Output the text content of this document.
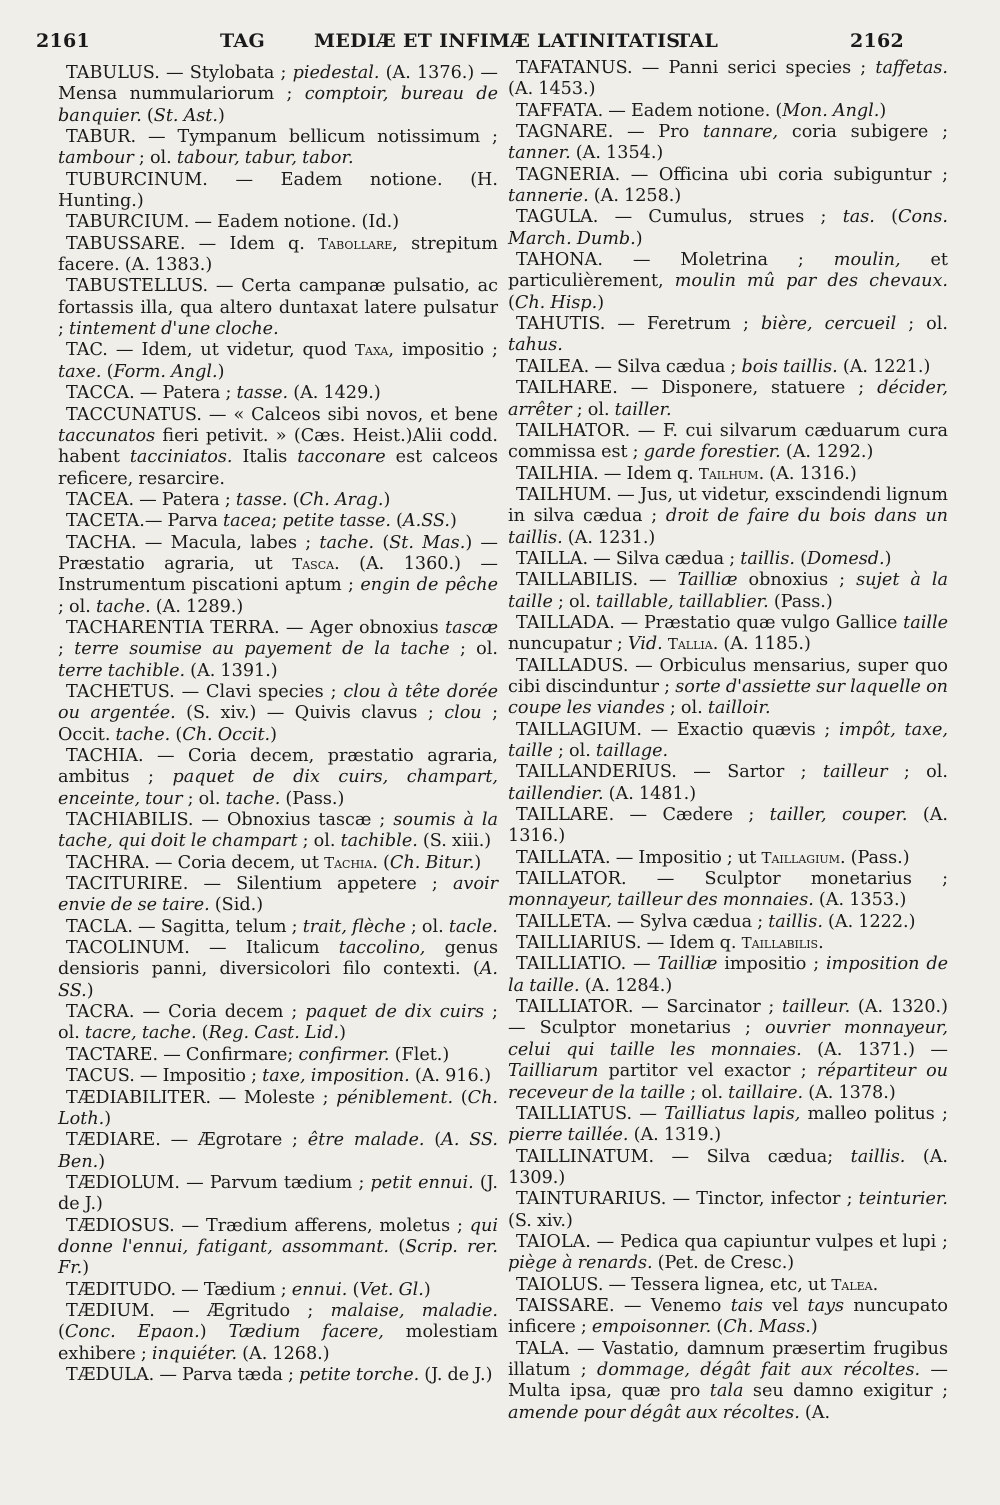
2161	TAG	MEDIÆ ET INFIMÆ LATINITATIS.
TAL	2162

TABULUS. — Stylobata ; piedestal. (A. 1376.) — Mensa nummulariorum ; comptoir, bureau de banquier. (St. Ast.)

TABUR. — Tympanum bellicum notissimum ; tambour ; ol. tabour, tabur, tabor.

TUBURCINUM. — Eadem notione. (H. Hunting.)

TABURCIUM. — Eadem notione. (Id.)

TABUSSARE. — Idem q. Tabollare, strepitum facere. (A. 1383.)

TABUSTELLUS. — Certa campanæ pulsatio, ac fortassis illa, qua altero duntaxat latere pulsatur ; tintement d'une cloche.

TAC. — Idem, ut videtur, quod Taxa, impositio ; taxe. (Form. Angl.)

TACCA. — Patera ; tasse. (A. 1429.)

TACCUNATUS. — « Calceos sibi novos, et bene taccunatos fieri petivit. » (Cæs. Heist.)Alii codd. habent tacciniatos. Italis tacconare est calceos reficere, resarcire.

TACEA. — Patera ; tasse. (Ch. Arag.)

TACETA.— Parva tacea; petite tasse. (A.SS.)

TACHA. — Macula, labes ; tache. (St. Mas.) — Præstatio agraria, ut Tasca. (A. 1360.) — Instrumentum piscationi aptum ; engin de pêche ; ol. tache. (A. 1289.)

TACHARENTIA TERRA. — Ager obnoxius tascæ ; terre soumise au payement de la tache ; ol. terre tachible. (A. 1391.)

TACHETUS. — Clavi species ; clou à tête dorée ou argentée. (S. xiv.) — Quivis clavus ; clou ; Occit. tache. (Ch. Occit.)

TACHIA. — Coria decem, præstatio agraria, ambitus ; paquet de dix cuirs, champart, enceinte, tour ; ol. tache. (Pass.)

TACHIABILIS. — Obnoxius tascæ ; soumis à la tache, qui doit le champart ; ol. tachible. (S. xiii.)

TACHRA. — Coria decem, ut Tachia. (Ch. Bitur.)

TACITURIRE. — Silentium appetere ; avoir envie de se taire. (Sid.)

TACLA. — Sagitta, telum ; trait, flèche ; ol. tacle.

TACOLINUM. — Italicum taccolino, genus densioris panni, diversicolori filo contexti. (A. SS.)

TACRA. — Coria decem ; paquet de dix cuirs ; ol. tacre, tache. (Reg. Cast. Lid.)

TACTARE. — Confirmare; confirmer. (Flet.)

TACUS. — Impositio ; taxe, imposition. (A. 916.)

TÆDIABILITER. — Moleste ; péniblement. (Ch. Loth.)

TÆDIARE. — Ægrotare ; être malade. (A. SS. Ben.)

TÆDIOLUM. — Parvum tædium ; petit ennui. (J. de J.)

TÆDIOSUS. — Trædium afferens, moletus ; qui donne l'ennui, fatigant, assommant. (Scrip. rer. Fr.)

TÆDITUDO. — Tædium ; ennui. (Vet. Gl.)

TÆDIUM. — Ægritudo ; malaise, maladie. (Conc. Epaon.) Tædium facere, molestiam exhibere ; inquiéter. (A. 1268.)

TÆDULA. — Parva tæda ; petite torche. (J. de J.)

TAFATANUS. — Panni serici species ; taffetas. (A. 1453.)

TAFFATA. — Eadem notione. (Mon. Angl.)

TAGNARE. — Pro tannare, coria subigere ; tanner. (A. 1354.)

TAGNERIA. — Officina ubi coria subiguntur ; tannerie. (A. 1258.)

TAGULA. — Cumulus, strues ; tas. (Cons. March. Dumb.)

TAHONA. — Moletrina ; moulin, et particulièrement, moulin mû par des chevaux. (Ch. Hisp.)

TAHUTIS. — Feretrum ; bière, cercueil ; ol. tahus.

TAILEA. — Silva cædua ; bois taillis. (A. 1221.)

TAILHARE. — Disponere, statuere ; décider, arrêter ; ol. tailler.

TAILHATOR. — F. cui silvarum cæduarum cura commissa est ; garde forestier. (A. 1292.)

TAILHIA. — Idem q. Tailhum. (A. 1316.)

TAILHUM. — Jus, ut videtur, exscindendi lignum in silva cædua ; droit de faire du bois dans un taillis. (A. 1231.)

TAILLA. — Silva cædua ; taillis. (Domesd.)

TAILLABILIS. — Tailliæ obnoxius ; sujet à la taille ; ol. taillable, taillablier. (Pass.)

TAILLADA. — Præstatio quæ vulgo Gallice taille nuncupatur ; Vid. Tallia. (A. 1185.)

TAILLADUS. — Orbiculus mensarius, super quo cibi discinduntur ; sorte d'assiette sur laquelle on coupe les viandes ; ol. tailloir.

TAILLAGIUM. — Exactio quævis ; impôt, taxe, taille ; ol. taillage.

TAILLANDERIUS. — Sartor ; tailleur ; ol. taillendier. (A. 1481.)

TAILLARE. — Cædere ; tailler, couper. (A. 1316.)

TAILLATA. — Impositio ; ut Taillagium. (Pass.)

TAILLATOR. — Sculptor monetarius ; monnayeur, tailleur des monnaies. (A. 1353.)

TAILLETA. — Sylva cædua ; taillis. (A. 1222.)

TAILLIARIUS. — Idem q. Taillabilis.

TAILLIATIO. — Tailliæ impositio ; imposition de la taille. (A. 1284.)

TAILLIATOR. — Sarcinator ; tailleur. (A. 1320.) — Sculptor monetarius ; ouvrier monnayeur, celui qui taille les monnaies. (A. 1371.) — Tailliarum partitor vel exactor ; répartiteur ou receveur de la taille ; ol. taillaire. (A. 1378.)

TAILLIATUS. — Tailliatus lapis, malleo politus ; pierre taillée. (A. 1319.)

TAILLINATUM. — Silva cædua; taillis. (A. 1309.)

TAINTURARIUS. — Tinctor, infector ; teinturier. (S. xiv.)

TAIOLA. — Pedica qua capiuntur vulpes et lupi ; piège à renards. (Pet. de Cresc.)

TAIOLUS. — Tessera lignea, etc, ut Talea.

TAISSARE. — Venemo tais vel tays nuncupato inficere ; empoisonner. (Ch. Mass.)

TALA. — Vastatio, damnum præsertim frugibus illatum ; dommage, dégât fait aux récoltes. — Multa ipsa, quæ pro tala seu damno exigitur ; amende pour dégât aux récoltes. (A.
